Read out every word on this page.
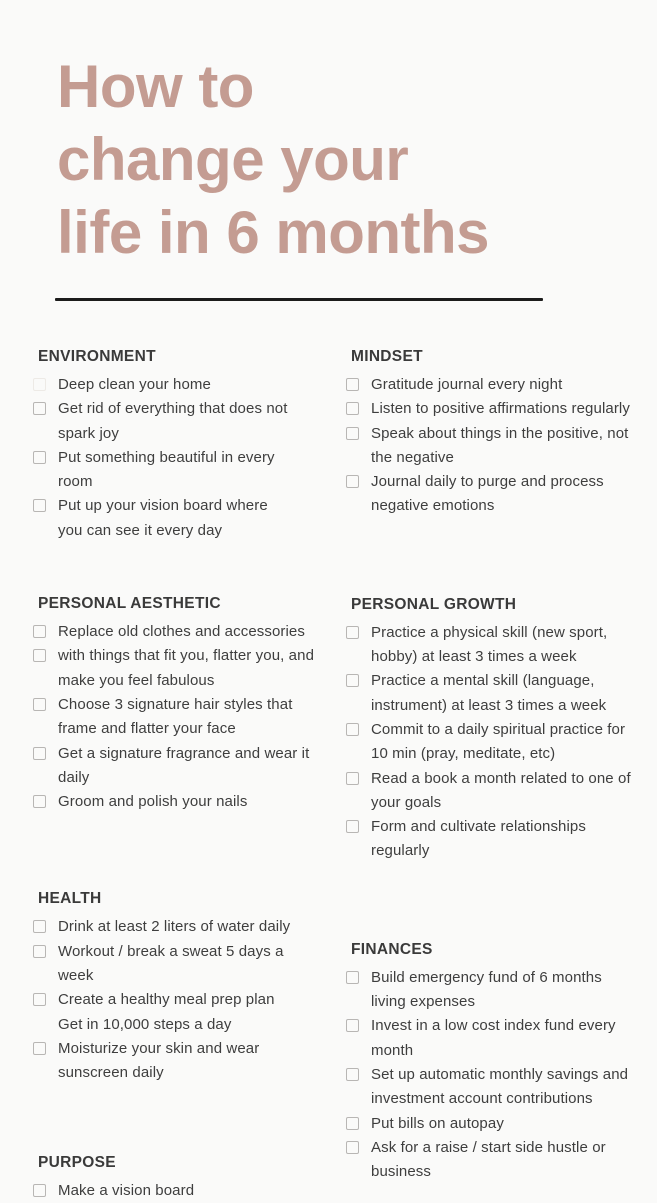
How to
change your
life in 6 months
ENVIRONMENT
Deep clean your home
Get rid of everything that does not
spark joy
Put something beautiful in every
room
Put up your vision board where
you can see it every day
PERSONAL AESTHETIC
Replace old clothes and accessories
with things that fit you, flatter you, and
make you feel fabulous
Choose 3 signature hair styles that
frame and flatter your face
Get a signature fragrance and wear it
daily
Groom and polish your nails
HEALTH
Drink at least 2 liters of water daily
Workout / break a sweat 5 days a
week
Create a healthy meal prep plan
Get in 10,000 steps a day
Moisturize your skin and wear
sunscreen daily
PURPOSE
Make a vision board
MINDSET
Gratitude journal every night
Listen to positive affirmations regularly
Speak about things in the positive, not
the negative
Journal daily to purge and process
negative emotions
PERSONAL GROWTH
Practice a physical skill (new sport,
hobby) at least 3 times a week
Practice a mental skill (language,
instrument) at least 3 times a week
Commit to a daily spiritual practice for
10 min (pray, meditate, etc)
Read a book a month related to one of
your goals
Form and cultivate relationships
regularly
FINANCES
Build emergency fund of 6 months
living expenses
Invest in a low cost index fund every
month
Set up automatic monthly savings and
investment account contributions
Put bills on autopay
Ask for a raise / start side hustle or
business
